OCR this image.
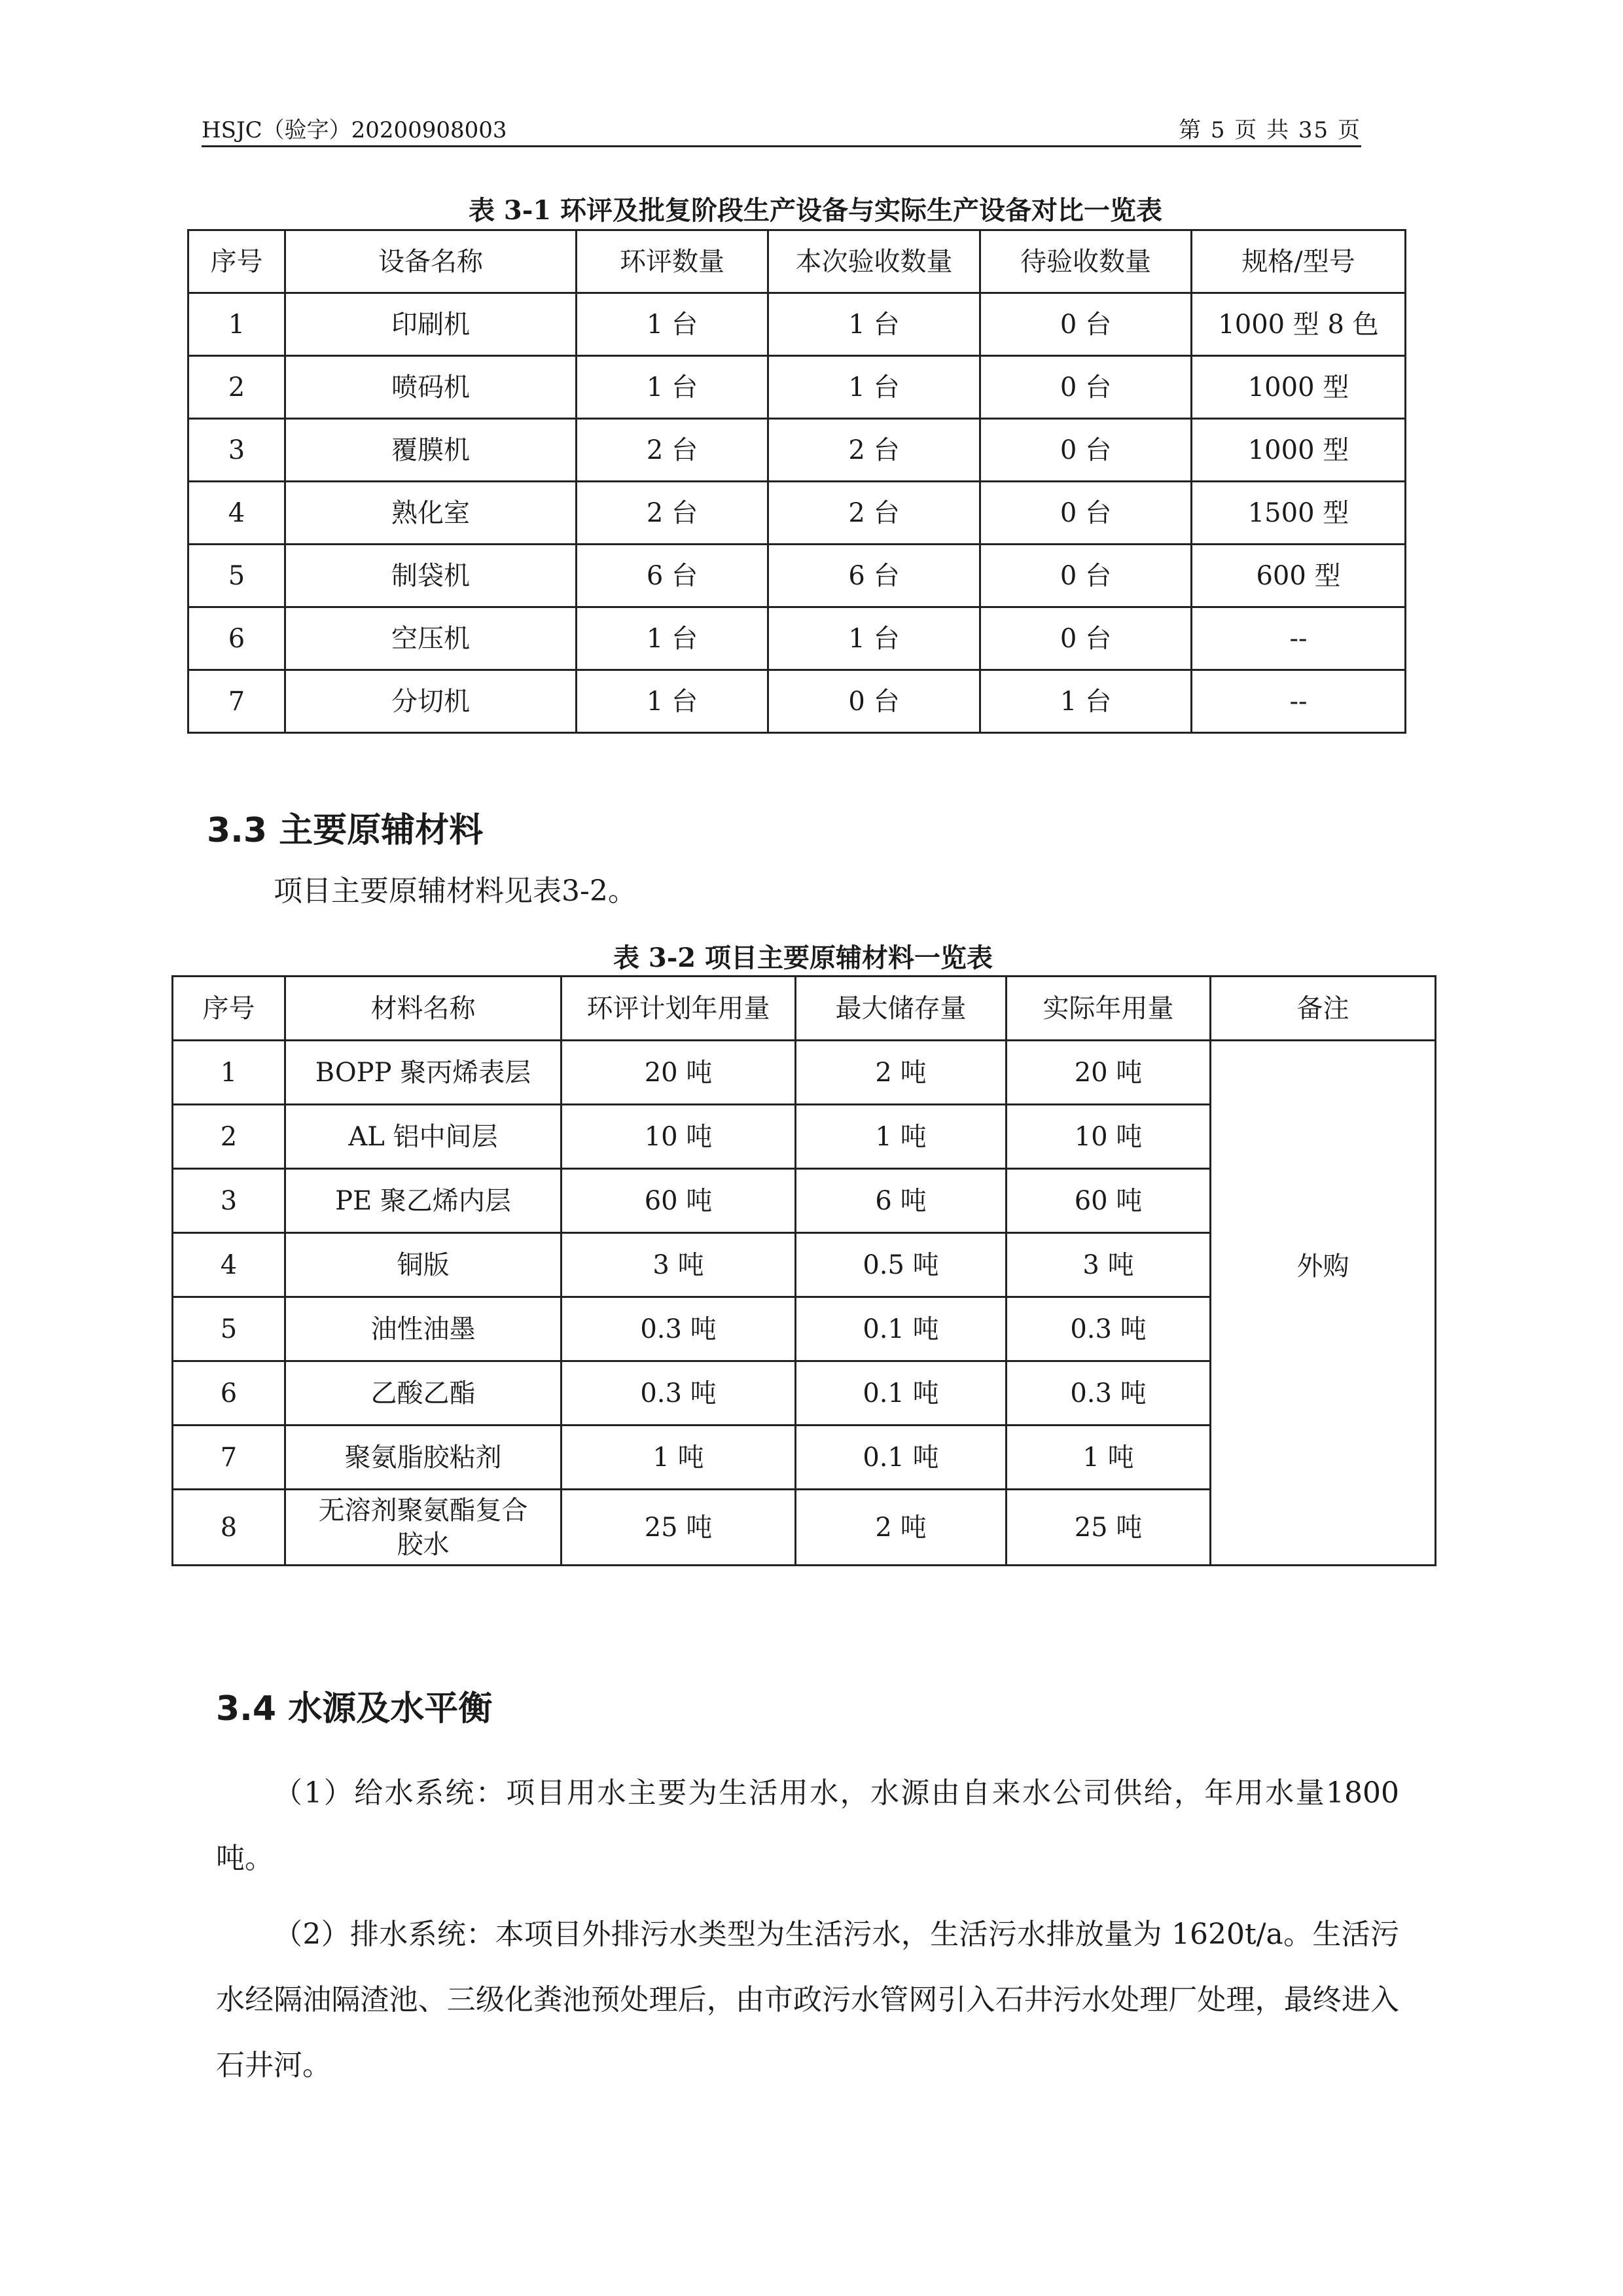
HSJC（验字）20200908003	第 5 页 共 35 页
表 3-1 环评及批复阶段生产设备与实际生产设备对比一览表
序号	设备名称	环评数量	本次验收数量	待验收数量	规格/型号
1	印刷机	1 台	1 台	0 台	1000 型 8 色
2	喷码机	1 台	1 台	0 台	1000 型
3	覆膜机	2 台	2 台	0 台	1000 型
4	熟化室	2 台	2 台	0 台	1500 型
5	制袋机	6 台	6 台	0 台	600 型
6	空压机	1 台	1 台	0 台	--
7	分切机	1 台	0 台	1 台	--
3.3 主要原辅材料
项目主要原辅材料见表3-2。
表 3-2 项目主要原辅材料一览表
序号	材料名称	环评计划年用量	最大储存量	实际年用量	备注
1	BOPP 聚丙烯表层	20 吨	2 吨	20 吨	外购
2	AL 铝中间层	10 吨	1 吨	10 吨	
3	PE 聚乙烯内层	60 吨	6 吨	60 吨	
4	铜版	3 吨	0.5 吨	3 吨	
5	油性油墨	0.3 吨	0.1 吨	0.3 吨	
6	乙酸乙酯	0.3 吨	0.1 吨	0.3 吨	
7	聚氨脂胶粘剂	1 吨	0.1 吨	1 吨	
8	无溶剂聚氨酯复合胶水	25 吨	2 吨	25 吨	
3.4 水源及水平衡
（1）给水系统：项目用水主要为生活用水，水源由自来水公司供给，年用水量1800 吨。
（2）排水系统：本项目外排污水类型为生活污水，生活污水排放量为 1620t/a。生活污水经隔油隔渣池、三级化粪池预处理后，由市政污水管网引入石井污水处理厂处理，最终进入石井河。
